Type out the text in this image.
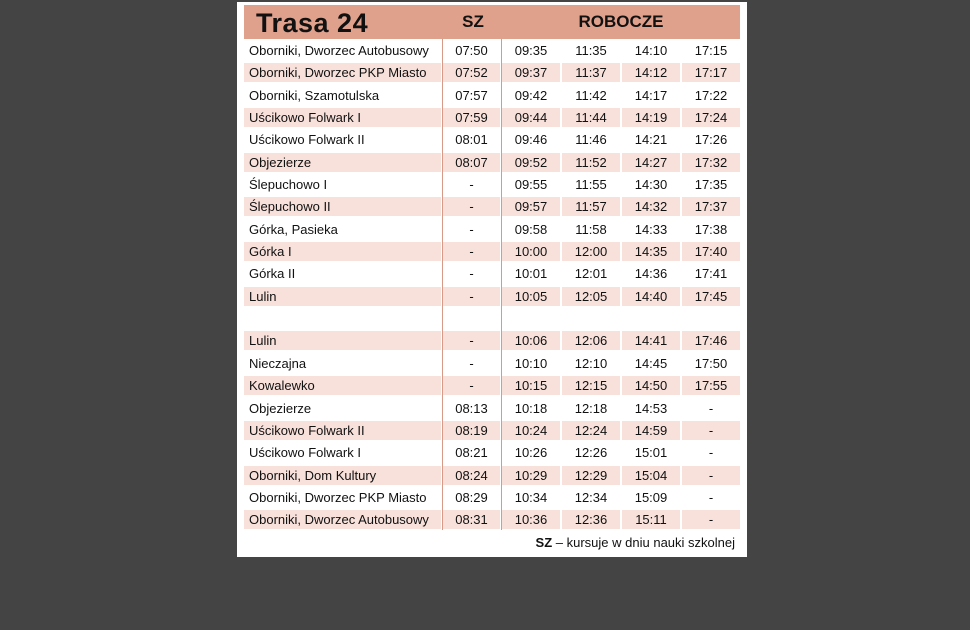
Trasa 24	SZ	ROBOCZE
Oborniki, Dworzec Autobusowy	07:50	09:35	11:35	14:10	17:15
Oborniki, Dworzec PKP Miasto	07:52	09:37	11:37	14:12	17:17
Oborniki, Szamotulska	07:57	09:42	11:42	14:17	17:22
Uścikowo Folwark I	07:59	09:44	11:44	14:19	17:24
Uścikowo Folwark II	08:01	09:46	11:46	14:21	17:26
Objezierze	08:07	09:52	11:52	14:27	17:32
Ślepuchowo I	-	09:55	11:55	14:30	17:35
Ślepuchowo II	-	09:57	11:57	14:32	17:37
Górka, Pasieka	-	09:58	11:58	14:33	17:38
Górka I	-	10:00	12:00	14:35	17:40
Górka II	-	10:01	12:01	14:36	17:41
Lulin	-	10:05	12:05	14:40	17:45
Lulin	-	10:06	12:06	14:41	17:46
Nieczajna	-	10:10	12:10	14:45	17:50
Kowalewko	-	10:15	12:15	14:50	17:55
Objezierze	08:13	10:18	12:18	14:53	-
Uścikowo Folwark II	08:19	10:24	12:24	14:59	-
Uścikowo Folwark I	08:21	10:26	12:26	15:01	-
Oborniki, Dom Kultury	08:24	10:29	12:29	15:04	-
Oborniki, Dworzec PKP Miasto	08:29	10:34	12:34	15:09	-
Oborniki, Dworzec Autobusowy	08:31	10:36	12:36	15:11	-
SZ – kursuje w dniu nauki szkolnej
